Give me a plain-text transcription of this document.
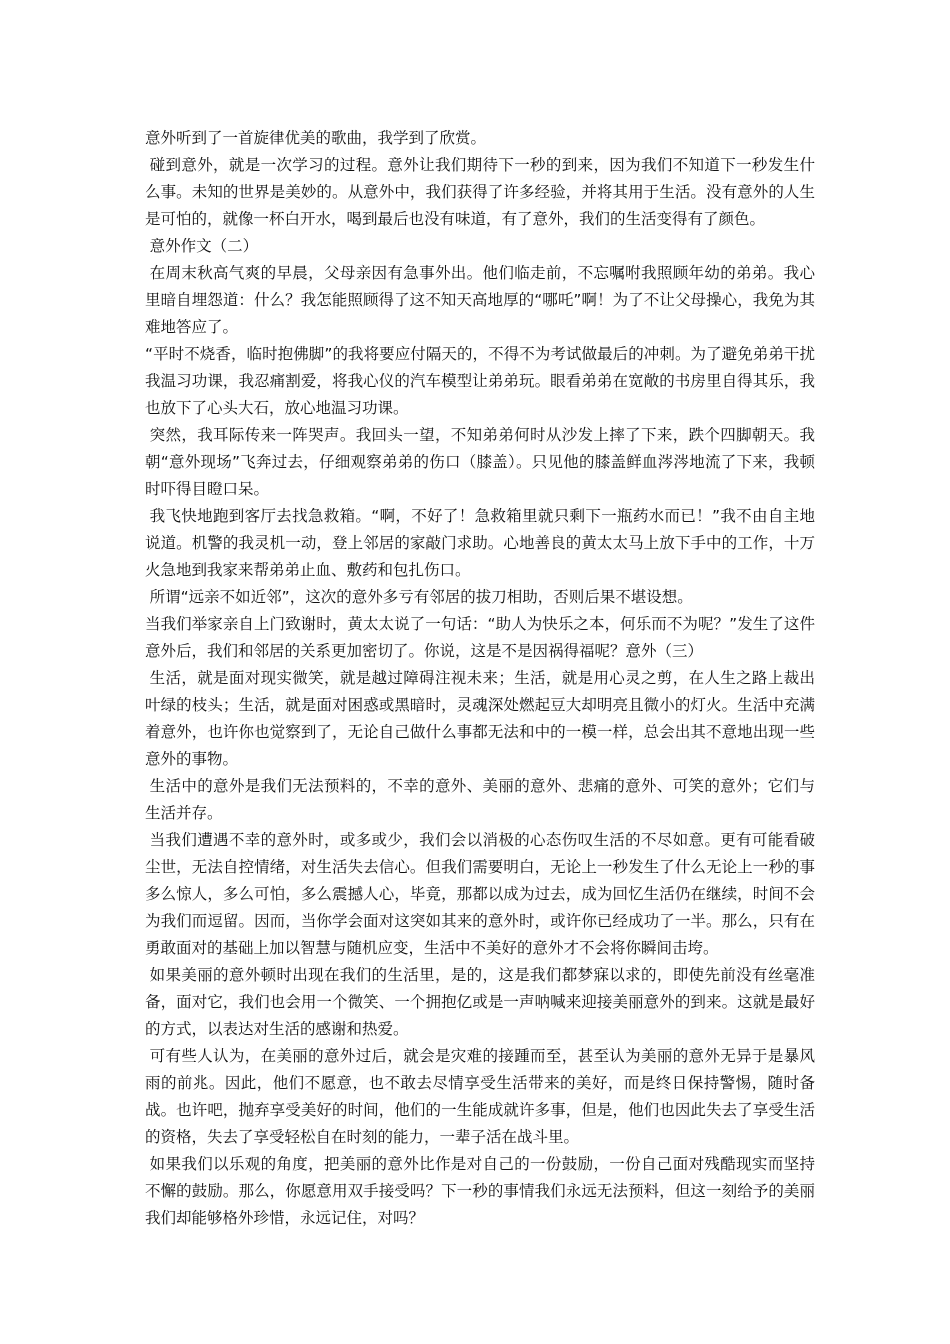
意外听到了一首旋律优美的歌曲，我学到了欣赏。

碰到意外，就是一次学习的过程。意外让我们期待下一秒的到来，因为我们不知道下一秒发生什么事。未知的世界是美妙的。从意外中，我们获得了许多经验，并将其用于生活。没有意外的人生是可怕的，就像一杯白开水，喝到最后也没有味道，有了意外，我们的生活变得有了颜色。

意外作文（二）

在周末秋高气爽的早晨，父母亲因有急事外出。他们临走前，不忘嘱咐我照顾年幼的弟弟。我心里暗自埋怨道：什么？我怎能照顾得了这不知天高地厚的“哪吒”啊！为了不让父母操心，我免为其难地答应了。

“平时不烧香，临时抱佛脚”的我将要应付隔天的，不得不为考试做最后的冲刺。为了避免弟弟干扰我温习功课，我忍痛割爱，将我心仪的汽车模型让弟弟玩。眼看弟弟在宽敞的书房里自得其乐，我也放下了心头大石，放心地温习功课。

突然，我耳际传来一阵哭声。我回头一望，不知弟弟何时从沙发上摔了下来，跌个四脚朝天。我朝“意外现场”飞奔过去，仔细观察弟弟的伤口（膝盖）。只见他的膝盖鲜血涔涔地流了下来，我顿时吓得目瞪口呆。

我飞快地跑到客厅去找急救箱。“啊，不好了！急救箱里就只剩下一瓶药水而已！”我不由自主地说道。机警的我灵机一动，登上邻居的家敲门求助。心地善良的黄太太马上放下手中的工作，十万火急地到我家来帮弟弟止血、敷药和包扎伤口。

所谓“远亲不如近邻”，这次的意外多亏有邻居的拔刀相助，否则后果不堪设想。

当我们举家亲自上门致谢时，黄太太说了一句话：“助人为快乐之本，何乐而不为呢？”发生了这件意外后，我们和邻居的关系更加密切了。你说，这是不是因祸得福呢？意外（三）

生活，就是面对现实微笑，就是越过障碍注视未来；生活，就是用心灵之剪，在人生之路上裁出叶绿的枝头；生活，就是面对困惑或黑暗时，灵魂深处燃起豆大却明亮且微小的灯火。生活中充满着意外，也许你也觉察到了，无论自己做什么事都无法和中的一模一样，总会出其不意地出现一些意外的事物。

生活中的意外是我们无法预料的，不幸的意外、美丽的意外、悲痛的意外、可笑的意外；它们与生活并存。

当我们遭遇不幸的意外时，或多或少，我们会以消极的心态伤叹生活的不尽如意。更有可能看破尘世，无法自控情绪，对生活失去信心。但我们需要明白，无论上一秒发生了什么无论上一秒的事多么惊人，多么可怕，多么震撼人心，毕竟，那都以成为过去，成为回忆生活仍在继续，时间不会为我们而逗留。因而，当你学会面对这突如其来的意外时，或许你已经成功了一半。那么，只有在勇敢面对的基础上加以智慧与随机应变，生活中不美好的意外才不会将你瞬间击垮。

如果美丽的意外顿时出现在我们的生活里，是的，这是我们都梦寐以求的，即使先前没有丝毫准备，面对它，我们也会用一个微笑、一个拥抱亿或是一声呐喊来迎接美丽意外的到来。这就是最好的方式，以表达对生活的感谢和热爱。

可有些人认为，在美丽的意外过后，就会是灾难的接踵而至，甚至认为美丽的意外无异于是暴风雨的前兆。因此，他们不愿意，也不敢去尽情享受生活带来的美好，而是终日保持警惕，随时备战。也许吧，抛弃享受美好的时间，他们的一生能成就许多事，但是，他们也因此失去了享受生活的资格，失去了享受轻松自在时刻的能力，一辈子活在战斗里。

如果我们以乐观的角度，把美丽的意外比作是对自己的一份鼓励，一份自己面对残酷现实而坚持不懈的鼓励。那么，你愿意用双手接受吗？下一秒的事情我们永远无法预料，但这一刻给予的美丽我们却能够格外珍惜，永远记住，对吗？
